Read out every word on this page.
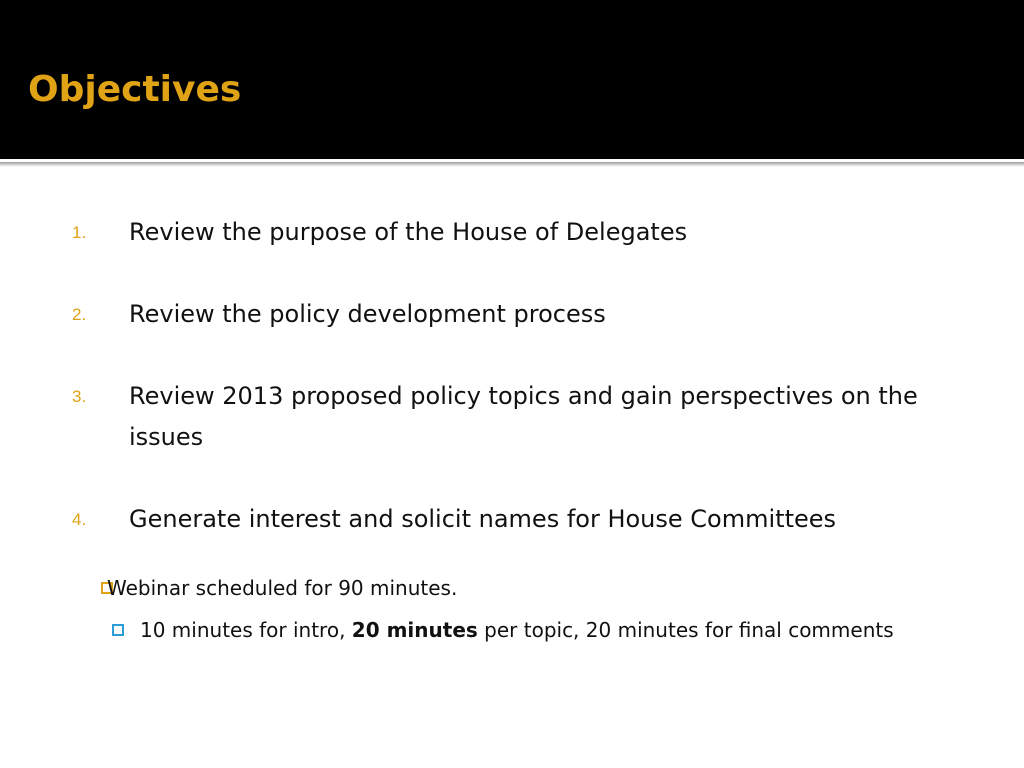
Objectives
1. Review the purpose of the House of Delegates
2. Review the policy development process
3. Review 2013 proposed policy topics and gain perspectives on the issues
4. Generate interest and solicit names for House Committees
Webinar scheduled for 90 minutes.
10 minutes for intro, 20 minutes per topic, 20 minutes for final comments
